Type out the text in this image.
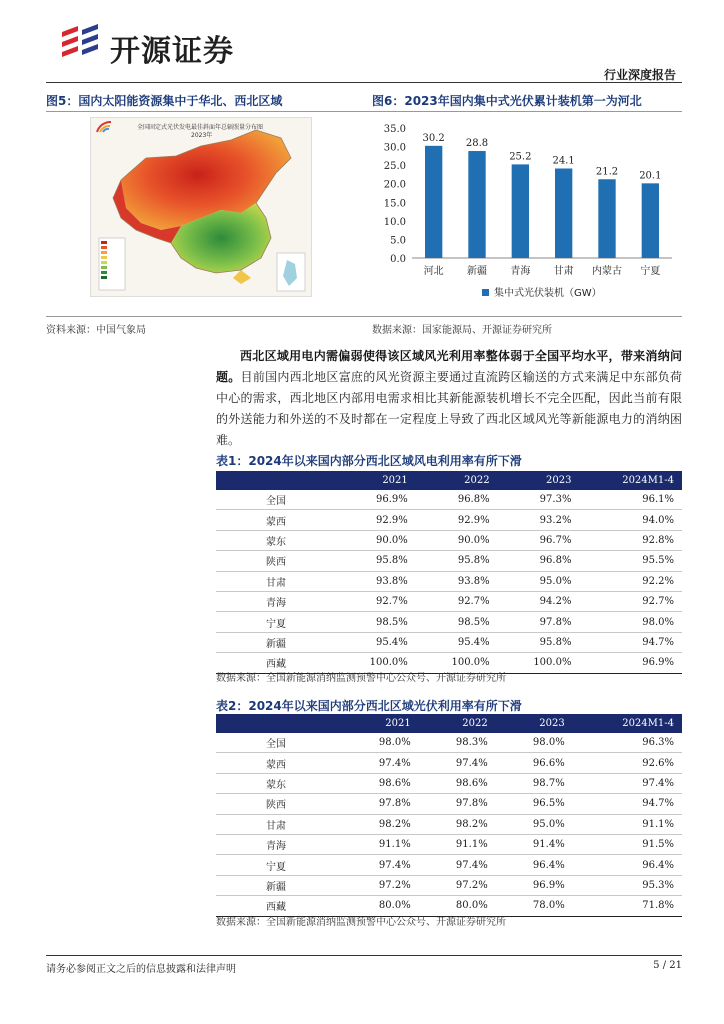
开源证券
行业深度报告
图5：国内太阳能资源集中于华北、西北区域	图6：2023年国内集中式光伏累计装机第一为河北
全国固定式光伏发电最佳斜面年总辐照量分布图
2023年
0.0
5.0
10.0
15.0
20.0
25.0
30.0
35.0
30.2
河北
28.8
新疆
25.2
青海
24.1
甘肃
21.2
内蒙古
20.1
宁夏
集中式光伏装机（GW）
资料来源：中国气象局	数据来源：国家能源局、开源证券研究所
西北区域用电内需偏弱使得该区域风光利用率整体弱于全国平均水平，带来消纳问题。目前国内西北地区富庶的风光资源主要通过直流跨区输送的方式来满足中东部负荷中心的需求，西北地区内部用电需求相比其新能源装机增长不完全匹配，因此当前有限的外送能力和外送的不及时都在一定程度上导致了西北区域风光等新能源电力的消纳困难。
表1：2024年以来国内部分西北区域风电利用率有所下滑
	2021	2022	2023	2024M1-4
全国	96.9%	96.8%	97.3%	96.1%
蒙西	92.9%	92.9%	93.2%	94.0%
蒙东	90.0%	90.0%	96.7%	92.8%
陕西	95.8%	95.8%	96.8%	95.5%
甘肃	93.8%	93.8%	95.0%	92.2%
青海	92.7%	92.7%	94.2%	92.7%
宁夏	98.5%	98.5%	97.8%	98.0%
新疆	95.4%	95.4%	95.8%	94.7%
西藏	100.0%	100.0%	100.0%	96.9%
数据来源：全国新能源消纳监测预警中心公众号、开源证券研究所
表2：2024年以来国内部分西北区域光伏利用率有所下滑
	2021	2022	2023	2024M1-4
全国	98.0%	98.3%	98.0%	96.3%
蒙西	97.4%	97.4%	96.6%	92.6%
蒙东	98.6%	98.6%	98.7%	97.4%
陕西	97.8%	97.8%	96.5%	94.7%
甘肃	98.2%	98.2%	95.0%	91.1%
青海	91.1%	91.1%	91.4%	91.5%
宁夏	97.4%	97.4%	96.4%	96.4%
新疆	97.2%	97.2%	96.9%	95.3%
西藏	80.0%	80.0%	78.0%	71.8%
数据来源：全国新能源消纳监测预警中心公众号、开源证券研究所
请务必参阅正文之后的信息披露和法律声明	5 / 21
